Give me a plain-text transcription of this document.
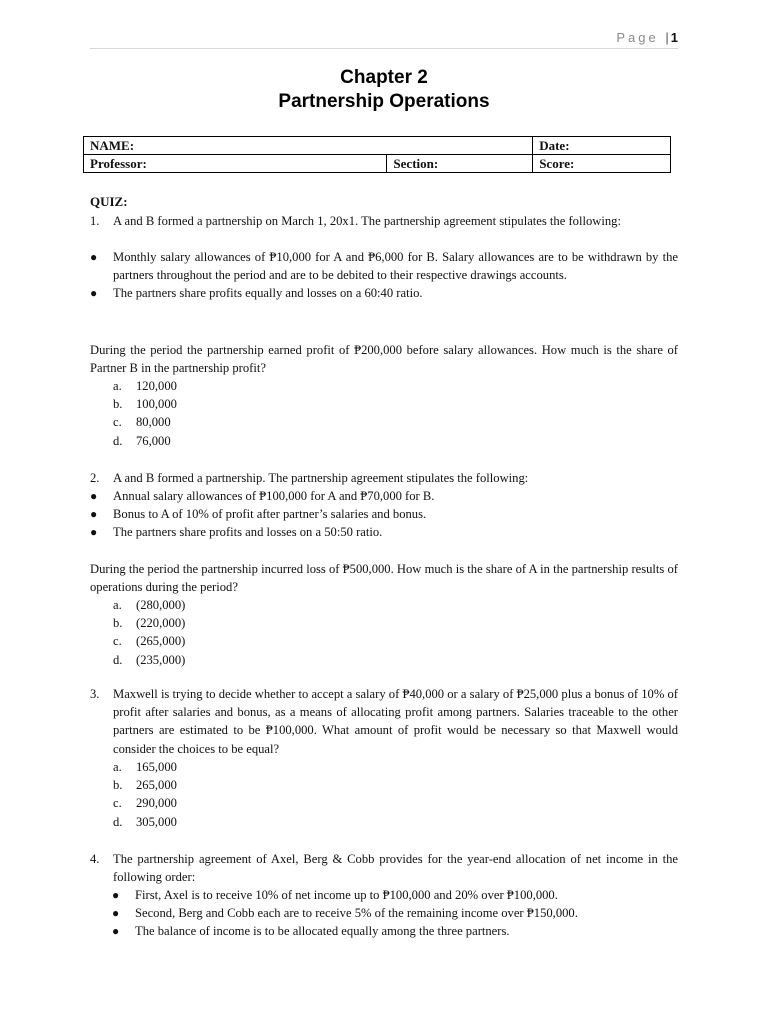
Page | 1
Chapter 2
Partnership Operations
NAME:		Date:
Professor:	Section:	Score:
QUIZ:
1. A and B formed a partnership on March 1, 20x1. The partnership agreement stipulates the following:
● Monthly salary allowances of ₱10,000 for A and ₱6,000 for B. Salary allowances are to be withdrawn by the partners throughout the period and are to be debited to their respective drawings accounts.
● The partners share profits equally and losses on a 60:40 ratio.
During the period the partnership earned profit of ₱200,000 before salary allowances. How much is the share of Partner B in the partnership profit?
a. 120,000
b. 100,000
c. 80,000
d. 76,000
2. A and B formed a partnership. The partnership agreement stipulates the following:
● Annual salary allowances of ₱100,000 for A and ₱70,000 for B.
● Bonus to A of 10% of profit after partner’s salaries and bonus.
● The partners share profits and losses on a 50:50 ratio.
During the period the partnership incurred loss of ₱500,000. How much is the share of A in the partnership results of operations during the period?
a. (280,000)
b. (220,000)
c. (265,000)
d. (235,000)
3. Maxwell is trying to decide whether to accept a salary of ₱40,000 or a salary of ₱25,000 plus a bonus of 10% of profit after salaries and bonus, as a means of allocating profit among partners. Salaries traceable to the other partners are estimated to be ₱100,000. What amount of profit would be necessary so that Maxwell would consider the choices to be equal?
a. 165,000
b. 265,000
c. 290,000
d. 305,000
4. The partnership agreement of Axel, Berg & Cobb provides for the year-end allocation of net income in the following order:
● First, Axel is to receive 10% of net income up to ₱100,000 and 20% over ₱100,000.
● Second, Berg and Cobb each are to receive 5% of the remaining income over ₱150,000.
● The balance of income is to be allocated equally among the three partners.
